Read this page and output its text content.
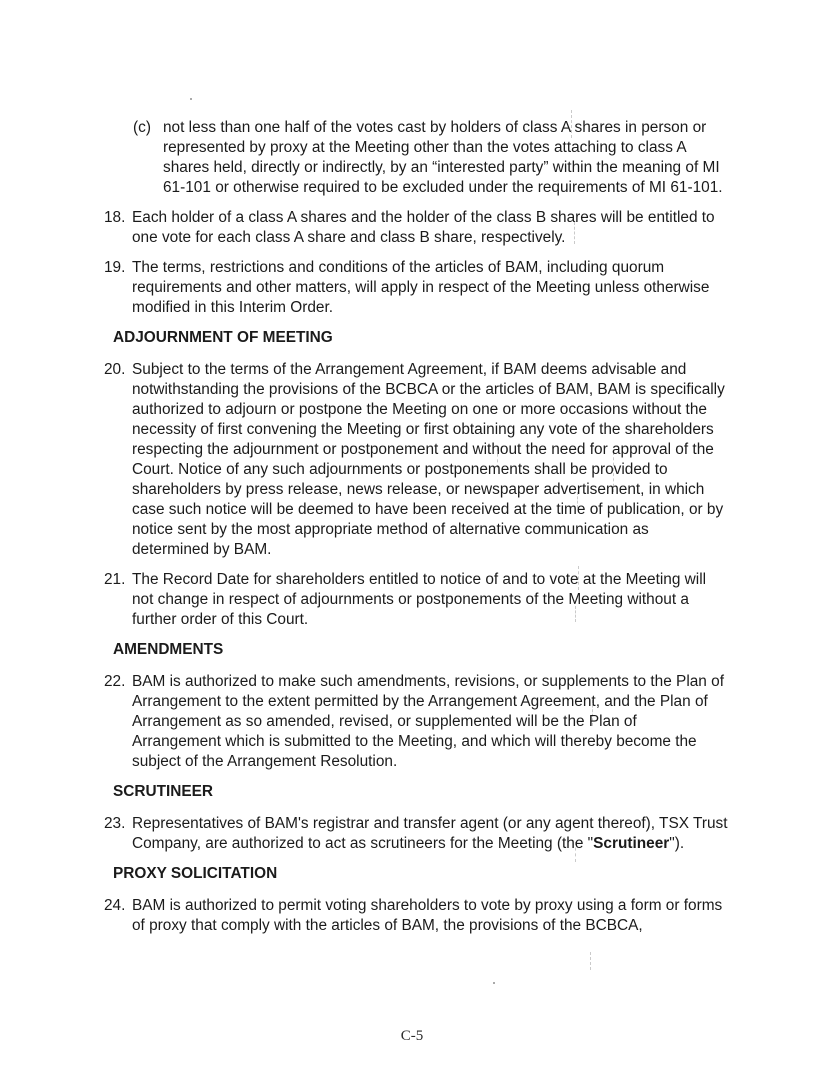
(c) not less than one half of the votes cast by holders of class A shares in person or represented by proxy at the Meeting other than the votes attaching to class A shares held, directly or indirectly, by an “interested party” within the meaning of MI 61-101 or otherwise required to be excluded under the requirements of MI 61-101.
18. Each holder of a class A shares and the holder of the class B shares will be entitled to one vote for each class A share and class B share, respectively.
19. The terms, restrictions and conditions of the articles of BAM, including quorum requirements and other matters, will apply in respect of the Meeting unless otherwise modified in this Interim Order.
ADJOURNMENT OF MEETING
20. Subject to the terms of the Arrangement Agreement, if BAM deems advisable and notwithstanding the provisions of the BCBCA or the articles of BAM, BAM is specifically authorized to adjourn or postpone the Meeting on one or more occasions without the necessity of first convening the Meeting or first obtaining any vote of the shareholders respecting the adjournment or postponement and without the need for approval of the Court. Notice of any such adjournments or postponements shall be provided to shareholders by press release, news release, or newspaper advertisement, in which case such notice will be deemed to have been received at the time of publication, or by notice sent by the most appropriate method of alternative communication as determined by BAM.
21. The Record Date for shareholders entitled to notice of and to vote at the Meeting will not change in respect of adjournments or postponements of the Meeting without a further order of this Court.
AMENDMENTS
22. BAM is authorized to make such amendments, revisions, or supplements to the Plan of Arrangement to the extent permitted by the Arrangement Agreement, and the Plan of Arrangement as so amended, revised, or supplemented will be the Plan of Arrangement which is submitted to the Meeting, and which will thereby become the subject of the Arrangement Resolution.
SCRUTINEER
23. Representatives of BAM's registrar and transfer agent (or any agent thereof), TSX Trust Company, are authorized to act as scrutineers for the Meeting (the "Scrutineer").
PROXY SOLICITATION
24. BAM is authorized to permit voting shareholders to vote by proxy using a form or forms of proxy that comply with the articles of BAM, the provisions of the BCBCA,
C-5
